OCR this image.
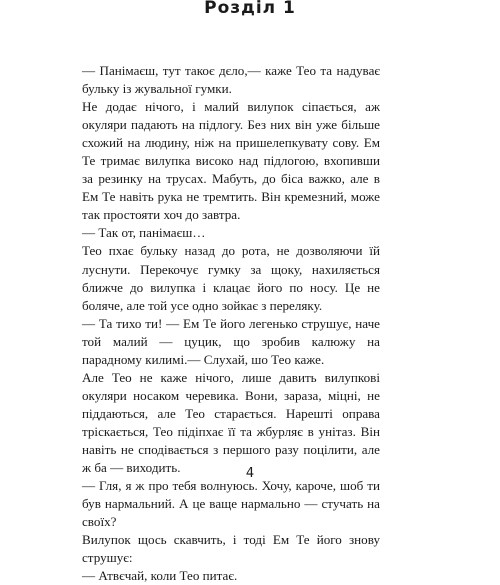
Розділ 1

— Панімаєш, тут такоє дєло,— каже Тео та надуває бульку із жувальної гумки.

Не додає нічого, і малий вилупок сіпається, аж окуляри падають на підлогу. Без них він уже більше схожий на людину, ніж на пришелепкувату сову. Ем Те тримає вилупка високо над підлогою, вхопивши за резинку на трусах. Мабуть, до біса важко, але в Ем Те навіть рука не тремтить. Він кремезний, може так простояти хоч до завтра.

— Так от, панімаєш…

Тео пхає бульку назад до рота, не дозволяючи їй луснути. Перекочує гумку за щоку, нахиляється ближче до вилупка і клацає його по носу. Це не боляче, але той усе одно зойкає з переляку.

— Та тихо ти! — Ем Те його легенько струшує, наче той малий — цуцик, що зробив калюжу на парадному килимі.— Слухай, шо Тео каже.

Але Тео не каже нічого, лише давить вилупкові окуляри носаком черевика. Вони, зараза, міцні, не піддаються, але Тео старається. Нарешті оправа тріскається, Тео підіпхає її та жбурляє в унітаз. Він навіть не сподівається з першого разу поцілити, але ж ба — виходить.

— Гля, я ж про тебя волнуюсь. Хочу, кароче, шоб ти був нармальний. А це ваще нармально — стучать на своїх?

Вилупок щось скавчить, і тоді Ем Те його знову струшує:

— Атвєчай, коли Тео питає.

4
